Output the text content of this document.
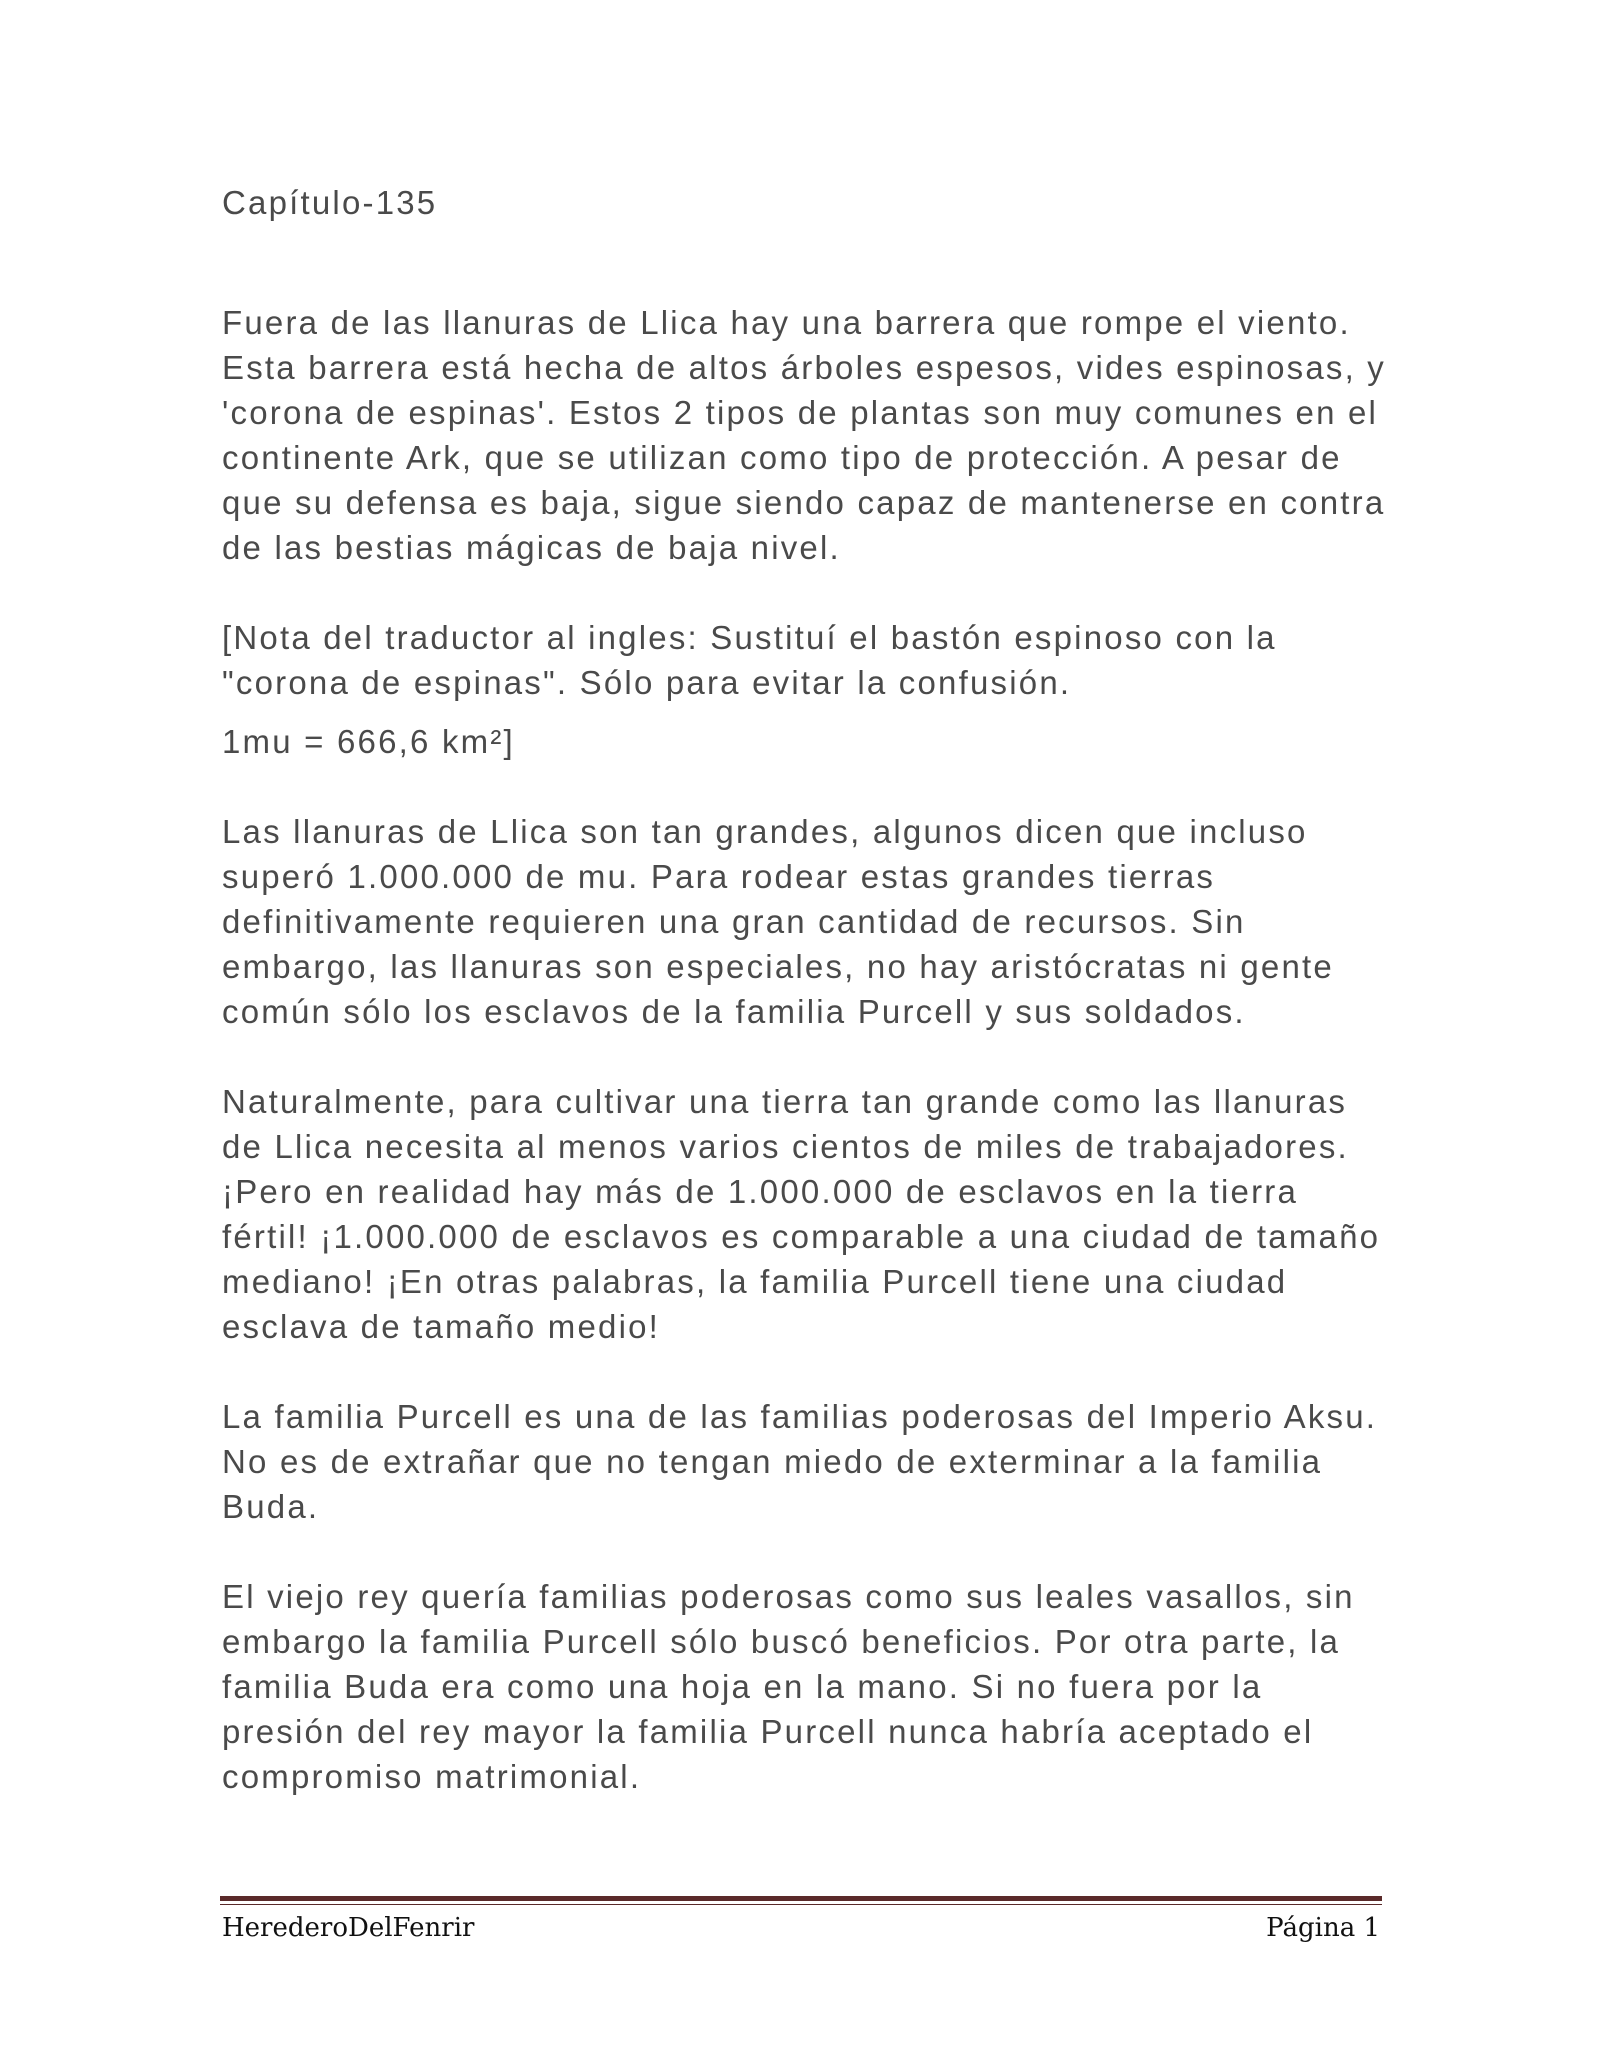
Capítulo-135

Fuera de las llanuras de Llica hay una barrera que rompe el viento. Esta barrera está hecha de altos árboles espesos, vides espinosas, y 'corona de espinas'. Estos 2 tipos de plantas son muy comunes en el continente Ark, que se utilizan como tipo de protección. A pesar de que su defensa es baja, sigue siendo capaz de mantenerse en contra de las bestias mágicas de baja nivel.

[Nota del traductor al ingles: Sustituí el bastón espinoso con la "corona de espinas". Sólo para evitar la confusión.

1mu = 666,6 km²]

Las llanuras de Llica son tan grandes, algunos dicen que incluso superó 1.000.000 de mu. Para rodear estas grandes tierras definitivamente requieren una gran cantidad de recursos. Sin embargo, las llanuras son especiales, no hay aristócratas ni gente común sólo los esclavos de la familia Purcell y sus soldados.

Naturalmente, para cultivar una tierra tan grande como las llanuras de Llica necesita al menos varios cientos de miles de trabajadores. ¡Pero en realidad hay más de 1.000.000 de esclavos en la tierra fértil! ¡1.000.000 de esclavos es comparable a una ciudad de tamaño mediano! ¡En otras palabras, la familia Purcell tiene una ciudad esclava de tamaño medio!

La familia Purcell es una de las familias poderosas del Imperio Aksu. No es de extrañar que no tengan miedo de exterminar a la familia Buda.

El viejo rey quería familias poderosas como sus leales vasallos, sin embargo la familia Purcell sólo buscó beneficios. Por otra parte, la familia Buda era como una hoja en la mano. Si no fuera por la presión del rey mayor la familia Purcell nunca habría aceptado el compromiso matrimonial.

HerederoDelFenrir	Página 1
